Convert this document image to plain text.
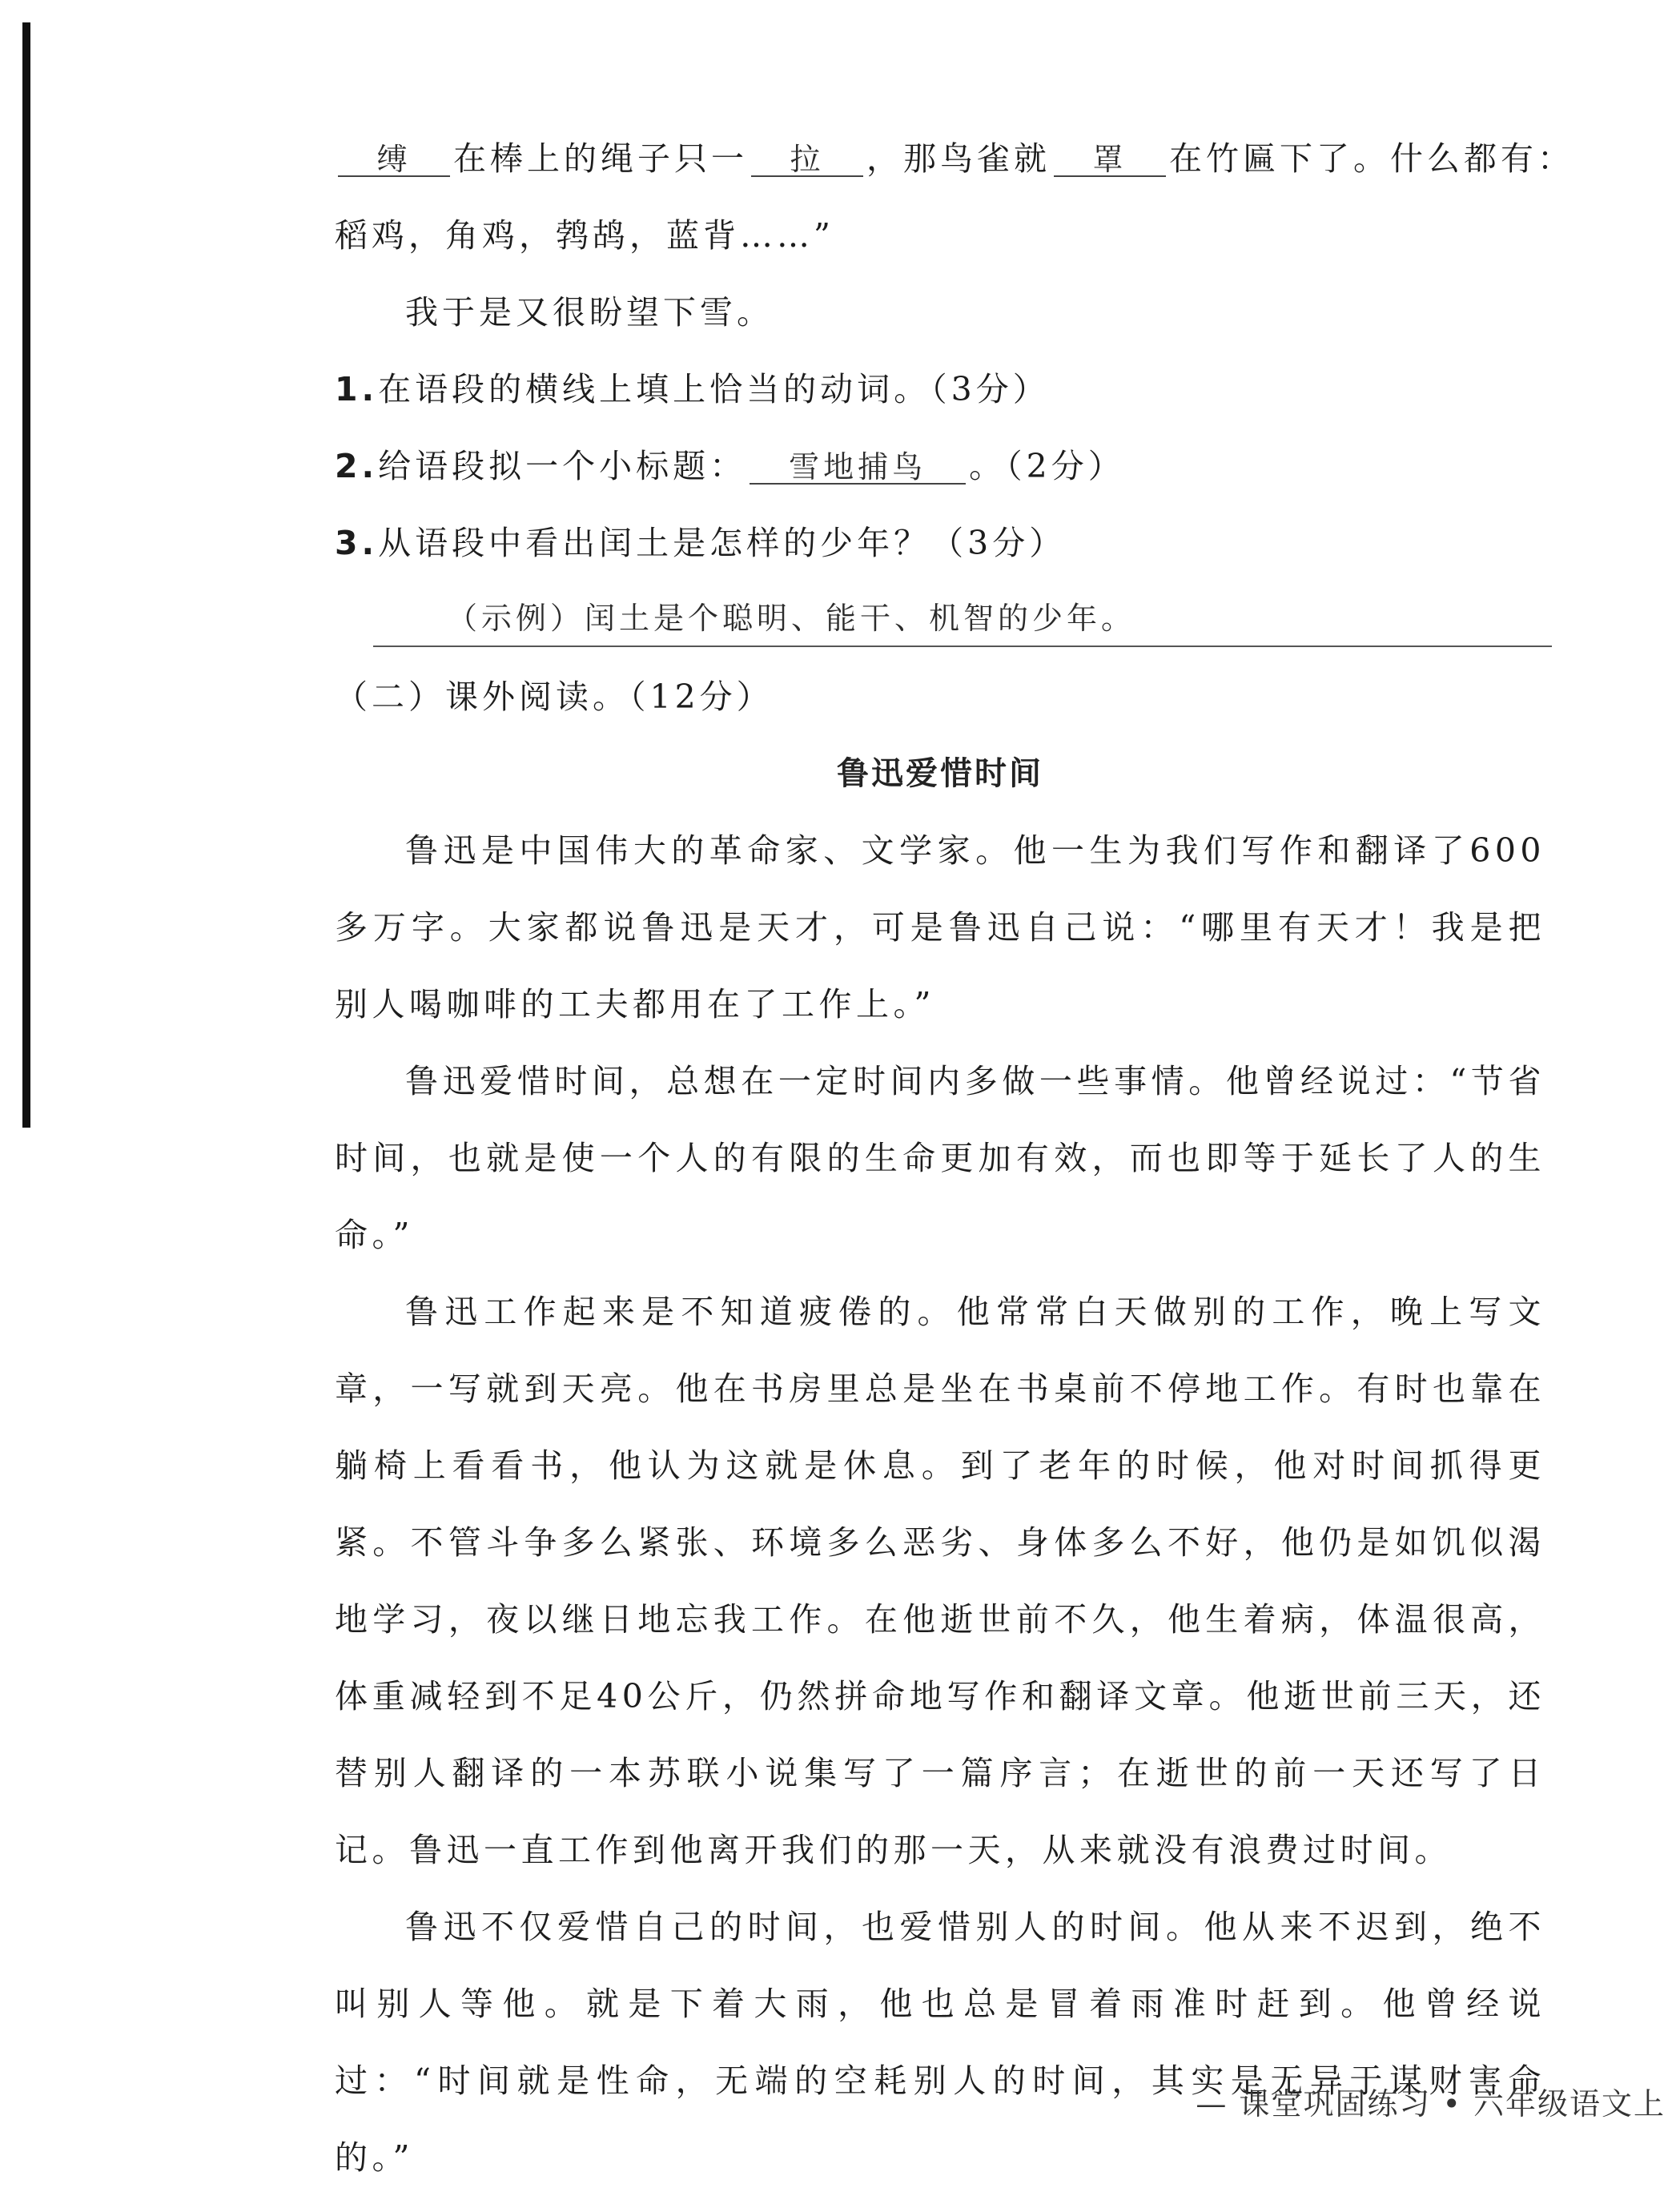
缚 在棒上的绳子只一 拉 ，那鸟雀就 罩 在竹匾下了。什么都有：
稻鸡，角鸡，鹁鸪，蓝背……”
我于是又很盼望下雪。
1.在语段的横线上填上恰当的动词。（3分）
2.给语段拟一个小标题： 雪地捕鸟 。（2分）
3.从语段中看出闰土是怎样的少年？（3分）
（示例）闰土是个聪明、能干、机智的少年。
（二）课外阅读。（12分）
鲁迅爱惜时间

鲁迅是中国伟大的革命家、文学家。他一生为我们写作和翻译了600多万字。大家都说鲁迅是天才，可是鲁迅自己说：“哪里有天才！我是把别人喝咖啡的工夫都用在了工作上。”

鲁迅爱惜时间，总想在一定时间内多做一些事情。他曾经说过：“节省时间，也就是使一个人的有限的生命更加有效，而也即等于延长了人的生命。”

鲁迅工作起来是不知道疲倦的。他常常白天做别的工作，晚上写文章，一写就到天亮。他在书房里总是坐在书桌前不停地工作。有时也靠在躺椅上看看书，他认为这就是休息。到了老年的时候，他对时间抓得更紧。不管斗争多么紧张、环境多么恶劣、身体多么不好，他仍是如饥似渴地学习，夜以继日地忘我工作。在他逝世前不久，他生着病，体温很高，体重减轻到不足40公斤，仍然拼命地写作和翻译文章。他逝世前三天，还替别人翻译的一本苏联小说集写了一篇序言；在逝世的前一天还写了日记。鲁迅一直工作到他离开我们的那一天，从来就没有浪费过时间。

鲁迅不仅爱惜自己的时间，也爱惜别人的时间。他从来不迟到，绝不叫别人等他。就是下着大雨，他也总是冒着雨准时赶到。他曾经说过：“时间就是性命，无端的空耗别人的时间，其实是无异于谋财害命的。”

— 课堂巩固练习 • 六年级语文上
